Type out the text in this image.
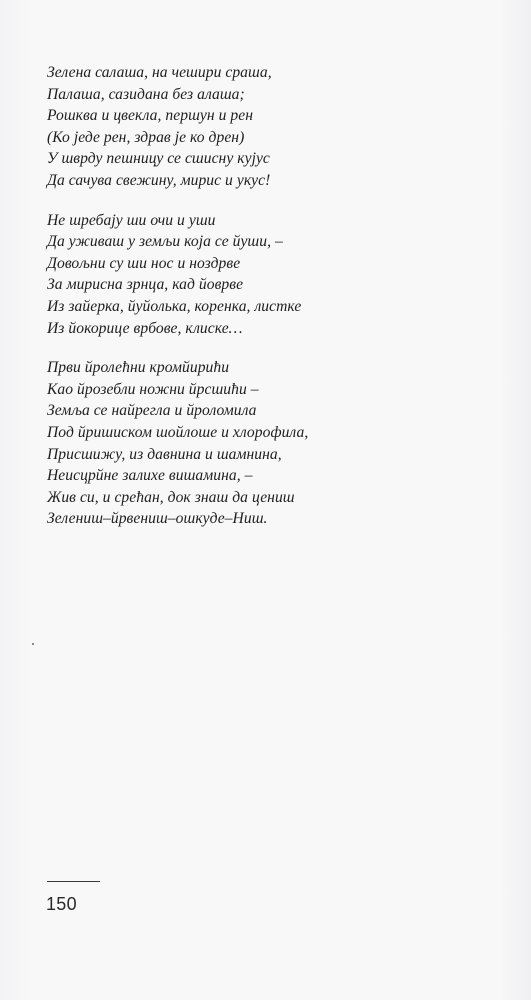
Зелена салаша, на чешири сраша,
Палаша, сазидана без алаша;
Рошква и цвекла, першун и рен
(Ко једе рен, здрав је ко дрен)
У шврду пешницу се сшисну кујус
Да сачува свежину, мирис и укус!
Не шребају ши очи и уши
Да уживаш у земљи која се йуши, –
Довољни су ши нос и ноздрве
За мирисна зрнца, кад йоврве
Из зайерка, йуйолька, коренка, листке
Из йокорице врбове, клиске…
Први йролећни кромйирићи
Као йрозебли ножни йрсшићи –
Земља се найрегла и йроломила
Под йришиском шойлоше и хлорофила,
Присшижу, из давнина и шамнина,
Неисцрйне залихе вишамина, –
Жив си, и срећан, док знаш да цениш
Зелениш–йрвениш–ошкуде–Ниш.
150
